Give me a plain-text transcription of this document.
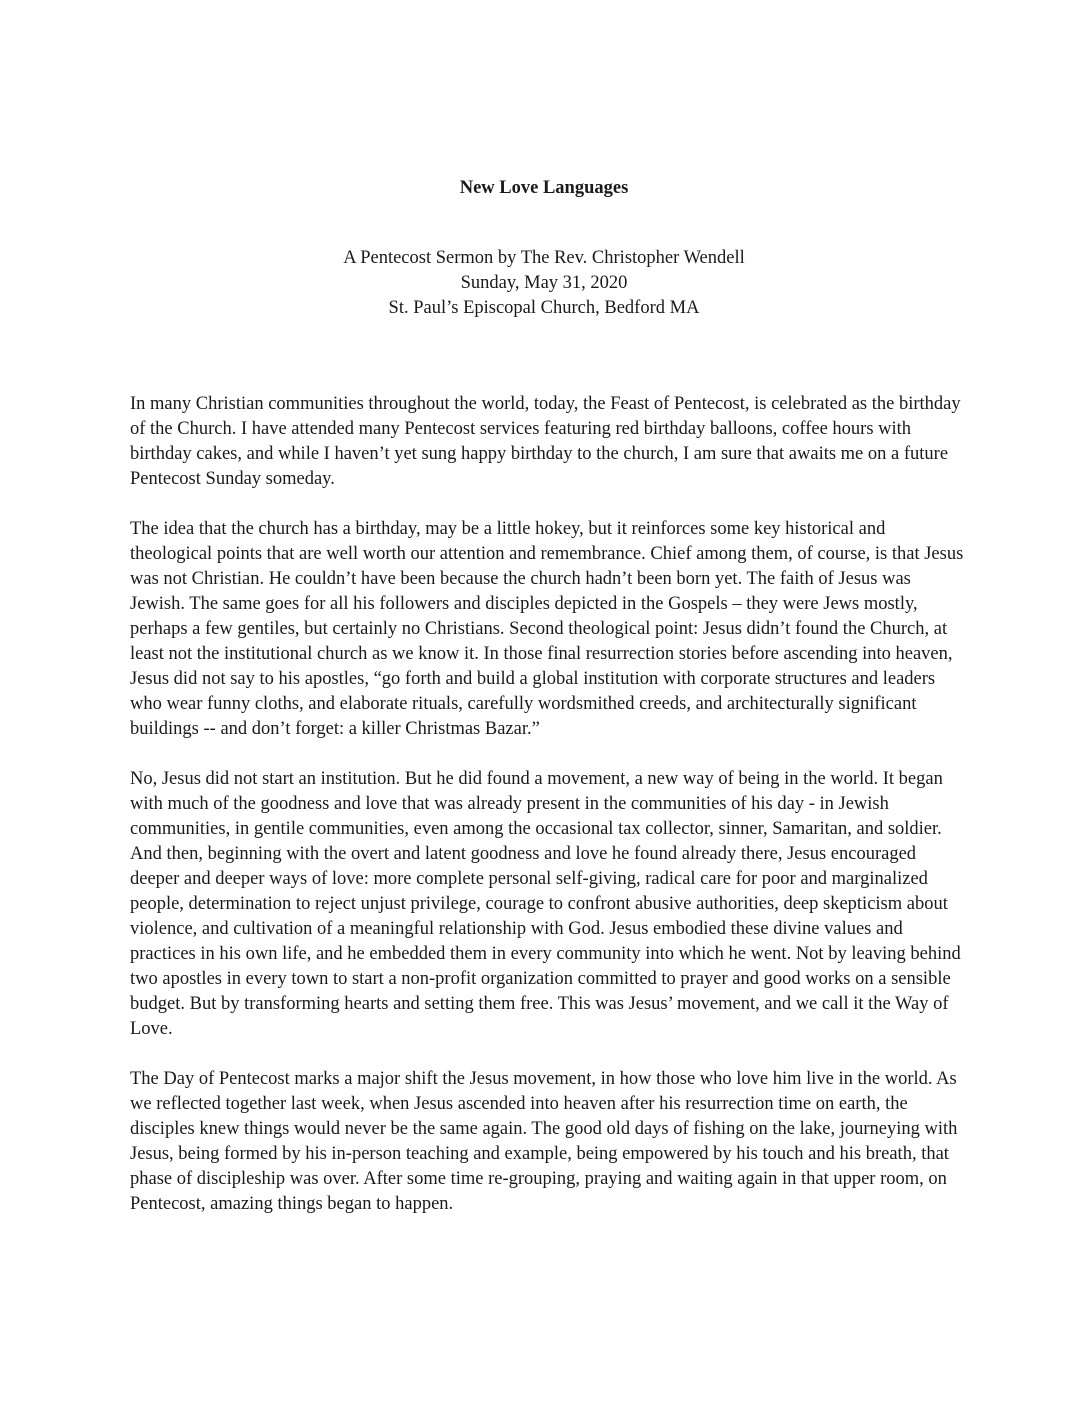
New Love Languages
A Pentecost Sermon by The Rev. Christopher Wendell
Sunday, May 31, 2020
St. Paul’s Episcopal Church, Bedford MA

In many Christian communities throughout the world, today, the Feast of Pentecost, is celebrated as the birthday of the Church. I have attended many Pentecost services featuring red birthday balloons, coffee hours with birthday cakes, and while I haven’t yet sung happy birthday to the church, I am sure that awaits me on a future Pentecost Sunday someday.

The idea that the church has a birthday, may be a little hokey, but it reinforces some key historical and theological points that are well worth our attention and remembrance. Chief among them, of course, is that Jesus was not Christian. He couldn’t have been because the church hadn’t been born yet. The faith of Jesus was Jewish. The same goes for all his followers and disciples depicted in the Gospels – they were Jews mostly, perhaps a few gentiles, but certainly no Christians. Second theological point: Jesus didn’t found the Church, at least not the institutional church as we know it. In those final resurrection stories before ascending into heaven, Jesus did not say to his apostles, “go forth and build a global institution with corporate structures and leaders who wear funny cloths, and elaborate rituals, carefully wordsmithed creeds, and architecturally significant buildings -- and don’t forget: a killer Christmas Bazar.”

No, Jesus did not start an institution. But he did found a movement, a new way of being in the world. It began with much of the goodness and love that was already present in the communities of his day - in Jewish communities, in gentile communities, even among the occasional tax collector, sinner, Samaritan, and soldier. And then, beginning with the overt and latent goodness and love he found already there, Jesus encouraged deeper and deeper ways of love: more complete personal self-giving, radical care for poor and marginalized people, determination to reject unjust privilege, courage to confront abusive authorities, deep skepticism about violence, and cultivation of a meaningful relationship with God. Jesus embodied these divine values and practices in his own life, and he embedded them in every community into which he went. Not by leaving behind two apostles in every town to start a non-profit organization committed to prayer and good works on a sensible budget. But by transforming hearts and setting them free. This was Jesus’ movement, and we call it the Way of Love.

The Day of Pentecost marks a major shift the Jesus movement, in how those who love him live in the world. As we reflected together last week, when Jesus ascended into heaven after his resurrection time on earth, the disciples knew things would never be the same again. The good old days of fishing on the lake, journeying with Jesus, being formed by his in-person teaching and example, being empowered by his touch and his breath, that phase of discipleship was over. After some time re-grouping, praying and waiting again in that upper room, on Pentecost, amazing things began to happen.
